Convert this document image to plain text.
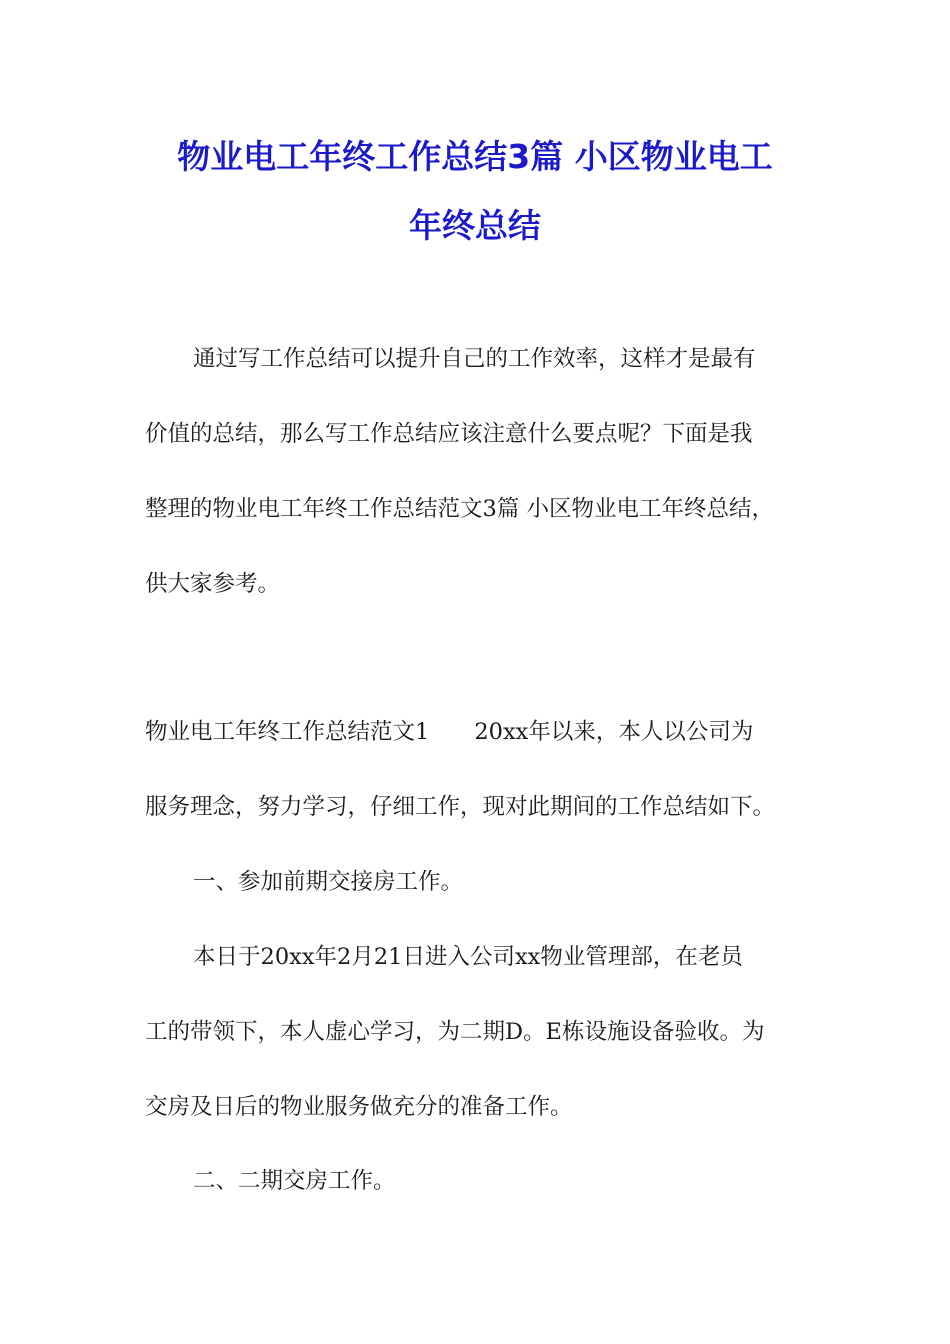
物业电工年终工作总结3篇 小区物业电工
年终总结

通过写工作总结可以提升自己的工作效率，这样才是最有

价值的总结，那么写工作总结应该注意什么要点呢？下面是我

整理的物业电工年终工作总结范文3篇 小区物业电工年终总结，

供大家参考。

物业电工年终工作总结范文1　　20xx年以来，本人以公司为

服务理念，努力学习，仔细工作，现对此期间的工作总结如下。

一、参加前期交接房工作。

本日于20xx年2月21日进入公司xx物业管理部，在老员

工的带领下，本人虚心学习，为二期D。E栋设施设备验收。为

交房及日后的物业服务做充分的准备工作。

二、二期交房工作。
